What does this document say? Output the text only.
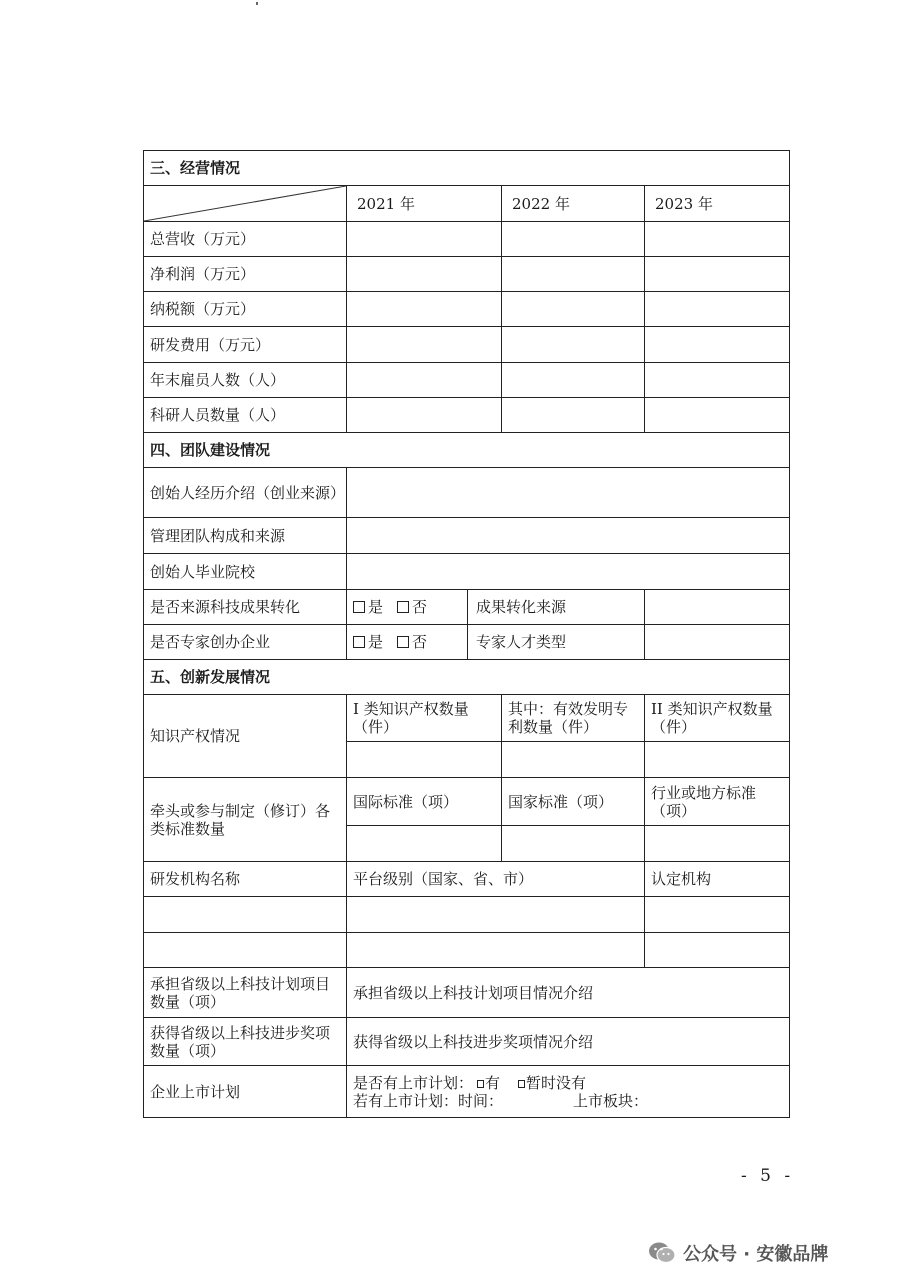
三、经营情况				

	2021 年		2022 年	2023 年
总营收（万元）				
净利润（万元）				
纳税额（万元）				
研发费用（万元）				
年末雇员人数（人）				
科研人员数量（人）				
四、团队建设情况				
创始人经历介绍（创业来源）				
管理团队构成和来源				
创始人毕业院校				
是否来源科技成果转化	是 否	成果转化来源		
是否专家创办企业	是 否	专家人才类型		
五、创新发展情况				
知识产权情况	I 类知识产权数量（件）		其中：有效发明专利数量（件）	II 类知识产权数量（件）

牵头或参与制定（修订）各类标准数量	国际标准（项）		国家标准（项）	行业或地方标准（项）

研发机构名称	平台级别（国家、省、市）			认定机构

承担省级以上科技计划项目数量（项）	承担省级以上科技计划项目情况介绍			
获得省级以上科技进步奖项数量（项）	获得省级以上科技进步奖项情况介绍			
企业上市计划	是否有上市计划： 有 暂时没有
若有上市计划：时间： 上市板块：			
- 5 -
公众号 · 安徽品牌
